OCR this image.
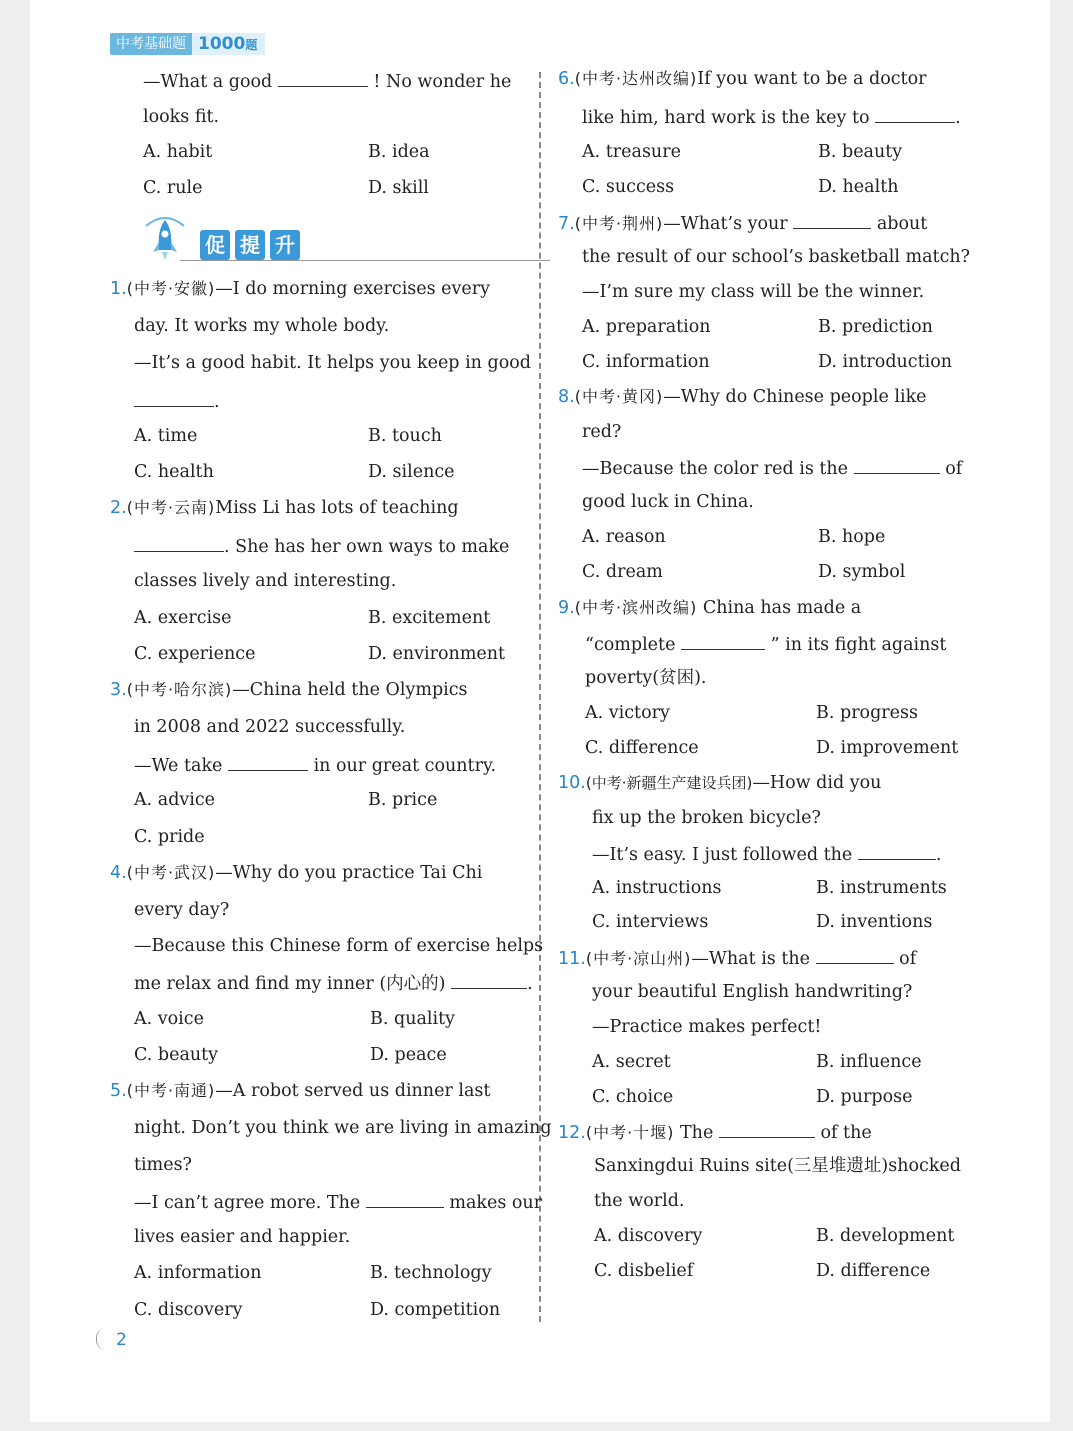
中考基础题 1000题
—What a good	! No wonder he
looks fit.
A. habit	B. idea
C. rule	D. skill
促 提 升
1.(中考·安徽)—I do morning exercises every
day. It works my whole body.
—It’s a good habit. It helps you keep in good
.
A. time	B. touch
C. health	D. silence
2.(中考·云南)Miss Li has lots of teaching
. She has her own ways to make
classes lively and interesting.
A. exercise	B. excitement
C. experience	D. environment
3.(中考·哈尔滨)—China held the Olympics
in 2008 and 2022 successfully.
—We take	in our great country.
A. advice	B. price
C. pride
4.(中考·武汉)—Why do you practice Tai Chi
every day?
—Because this Chinese form of exercise helps
me relax and find my inner (内心的)	.
A. voice	B. quality
C. beauty	D. peace
5.(中考·南通)—A robot served us dinner last
night. Don’t you think we are living in amazing
times?
—I can’t agree more. The	makes our
lives easier and happier.
A. information	B. technology
C. discovery	D. competition
6.(中考·达州改编)If you want to be a doctor
like him, hard work is the key to	.
A. treasure	B. beauty
C. success	D. health
7.(中考·荆州)—What’s your	about
the result of our school’s basketball match?
—I’m sure my class will be the winner.
A. preparation	B. prediction
C. information	D. introduction
8.(中考·黄冈)—Why do Chinese people like
red?
—Because the color red is the	of
good luck in China.
A. reason	B. hope
C. dream	D. symbol
9.(中考·滨州改编) China has made a
“complete	” in its fight against
poverty(贫困).
A. victory	B. progress
C. difference	D. improvement
10.(中考·新疆生产建设兵团)—How did you
fix up the broken bicycle?
—It’s easy. I just followed the	.
A. instructions	B. instruments
C. interviews	D. inventions
11.(中考·凉山州)—What is the	of
your beautiful English handwriting?
—Practice makes perfect!
A. secret	B. influence
C. choice	D. purpose
12.(中考·十堰) The	of the
Sanxingdui Ruins site(三星堆遗址)shocked
the world.
A. discovery	B. development
C. disbelief	D. difference
2
